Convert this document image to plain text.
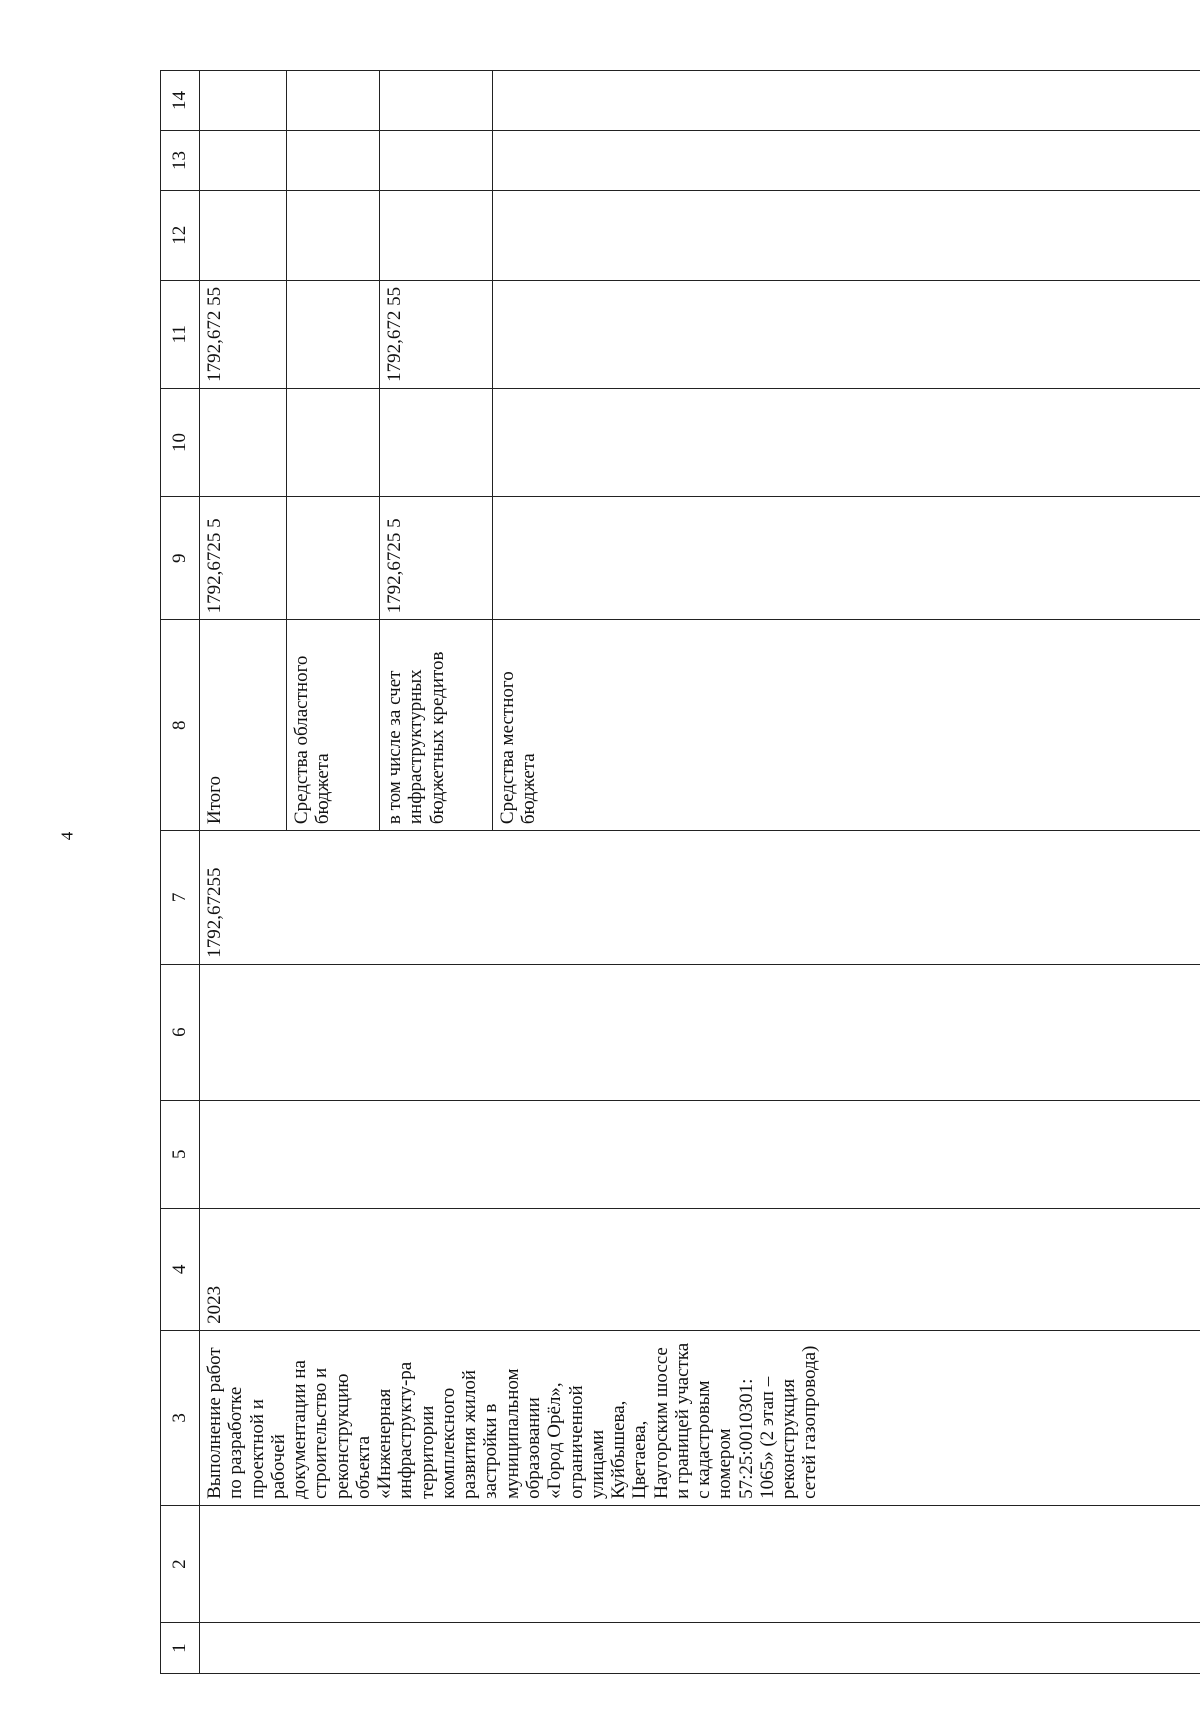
4
1	2	3	4	5	6	7	8	9	10	11	12	13	14
		Выполнение работ по разработке проектной и рабочей документации на строительство и реконструкцию объекта «Инженерная инфраструкту-ра территории комплексного развития жилой застройки в муниципальном образовании «Город Орёл», ограниченной улицами Куйбышева, Цветаева, Наугорским шоссе и границей участка с кадастровым номером 57:25:0010301: 1065» (2 этап – реконструкция сетей газопровода)	2023			1792,67255	Итого	1792,6725 5		1792,672 55			
							Средства областного бюджета						
							в том числе за счет инфраструктурных бюджетных кредитов	1792,6725 5		1792,672 55			
							Средства местного бюджета						
